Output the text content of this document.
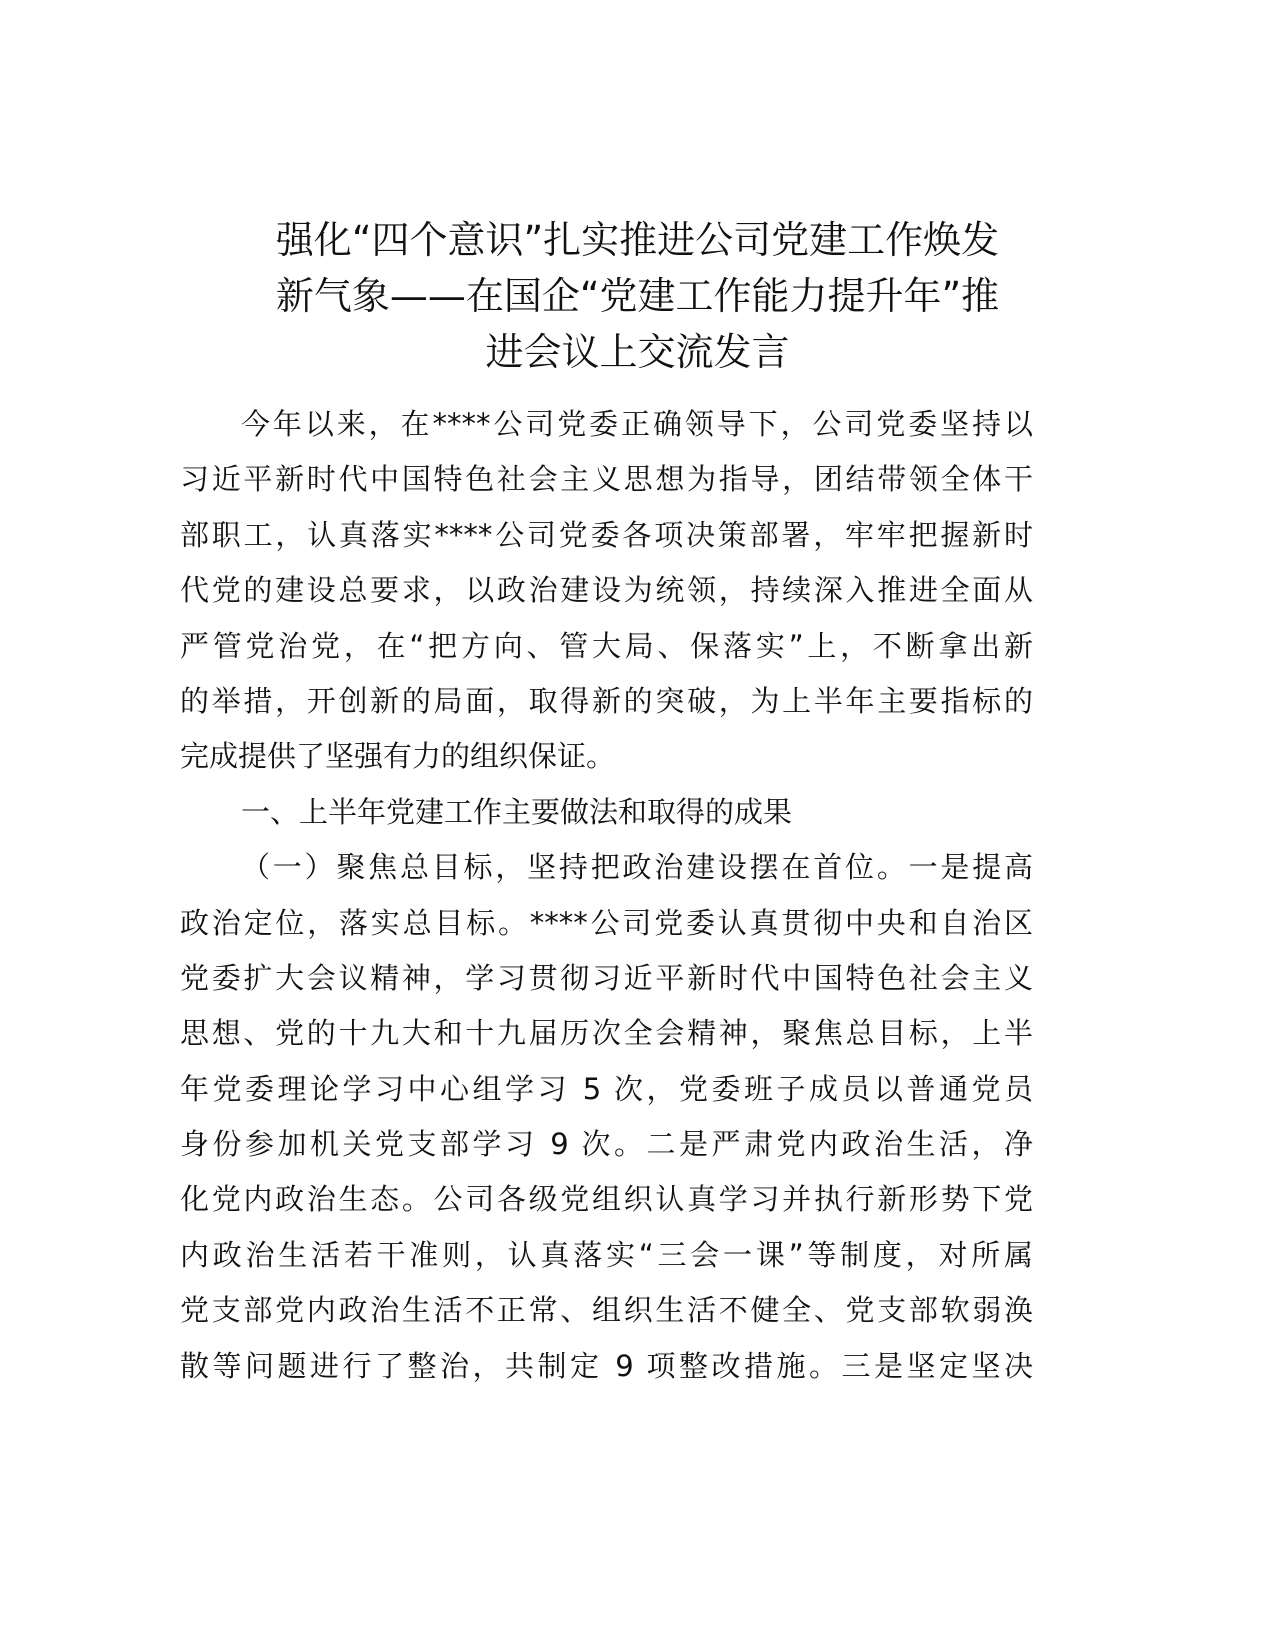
强化“四个意识”扎实推进公司党建工作焕发
新气象——在国企“党建工作能力提升年”推
进会议上交流发言
今年以来，在****公司党委正确领导下，公司党委坚持以
习近平新时代中国特色社会主义思想为指导，团结带领全体干
部职工，认真落实****公司党委各项决策部署，牢牢把握新时
代党的建设总要求，以政治建设为统领，持续深入推进全面从
严管党治党，在“把方向、管大局、保落实”上，不断拿出新
的举措，开创新的局面，取得新的突破，为上半年主要指标的
完成提供了坚强有力的组织保证。
一、上半年党建工作主要做法和取得的成果
（一）聚焦总目标，坚持把政治建设摆在首位。一是提高
政治定位，落实总目标。****公司党委认真贯彻中央和自治区
党委扩大会议精神，学习贯彻习近平新时代中国特色社会主义
思想、党的十九大和十九届历次全会精神，聚焦总目标，上半
年党委理论学习中心组学习 5 次，党委班子成员以普通党员
身份参加机关党支部学习 9 次。二是严肃党内政治生活，净
化党内政治生态。公司各级党组织认真学习并执行新形势下党
内政治生活若干准则，认真落实“三会一课”等制度，对所属
党支部党内政治生活不正常、组织生活不健全、党支部软弱涣
散等问题进行了整治，共制定 9 项整改措施。三是坚定坚决
